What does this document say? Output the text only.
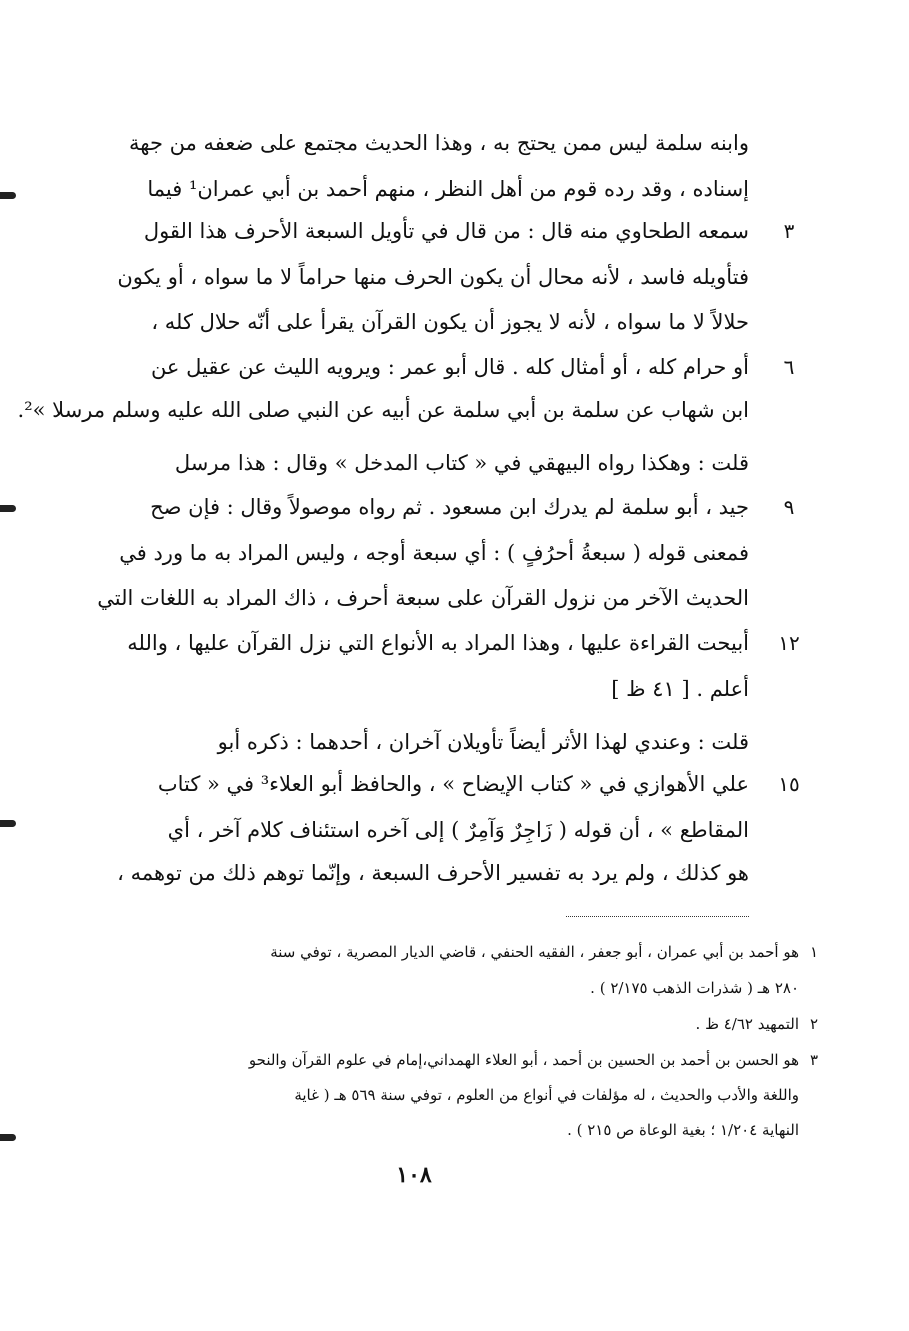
وابنه سلمة ليس ممن يحتج به ، وهذا الحديث مجتمع على ضعفه من جهة
إسناده ، وقد رده قوم من أهل النظر ، منهم أحمد بن أبي عمران¹ فيما
سمعه الطحاوي منه قال : من قال في تأويل السبعة الأحرف هذا القول	٣
فتأويله فاسد ، لأنه محال أن يكون الحرف منها حراماً لا ما سواه ، أو يكون
حلالاً لا ما سواه ، لأنه لا يجوز أن يكون القرآن يقرأ على أنّه حلال كله ،
أو حرام كله ، أو أمثال كله . قال أبو عمر : ويرويه الليث عن عقيل عن	٦
ابن شهاب عن سلمة بن أبي سلمة عن أبيه عن النبي صلى الله عليه وسلم مرسلا »².
قلت : وهكذا رواه البيهقي في « كتاب المدخل » وقال : هذا مرسل
جيد ، أبو سلمة لم يدرك ابن مسعود . ثم رواه موصولاً وقال : فإن صح	٩
فمعنى قوله ( سبعةُ أحرُفٍ ) : أي سبعة أوجه ، وليس المراد به ما ورد في
الحديث الآخر من نزول القرآن على سبعة أحرف ، ذاك المراد به اللغات التي
أبيحت القراءة عليها ، وهذا المراد به الأنواع التي نزل القرآن عليها ، والله	١٢
أعلم . [ ٤١ ظ ]
قلت : وعندي لهذا الأثر أيضاً تأويلان آخران ، أحدهما : ذكره أبو
علي الأهوازي في « كتاب الإيضاح » ، والحافظ أبو العلاء³ في « كتاب	١٥
المقاطع » ، أن قوله ( زَاجِرٌ وَآمِرٌ ) إلى آخره استئناف كلام آخر ، أي
هو كذلك ، ولم يرد به تفسير الأحرف السبعة ، وإنّما توهم ذلك من توهمه ،
١
هو أحمد بن أبي عمران ، أبو جعفر ، الفقيه الحنفي ، قاضي الديار المصرية ، توفي سنة
٢٨٠ هـ ( شذرات الذهب ٢/١٧٥ ) .
٢
التمهيد ٤/٦٢ ظ .
٣
هو الحسن بن أحمد بن الحسين بن أحمد ، أبو العلاء الهمداني،إمام في علوم القرآن والنحو
واللغة والأدب والحديث ، له مؤلفات في أنواع من العلوم ، توفي سنة ٥٦٩ هـ ( غاية
النهاية ١/٢٠٤ ؛ بغية الوعاة ص ٢١٥ ) .
١٠٨
